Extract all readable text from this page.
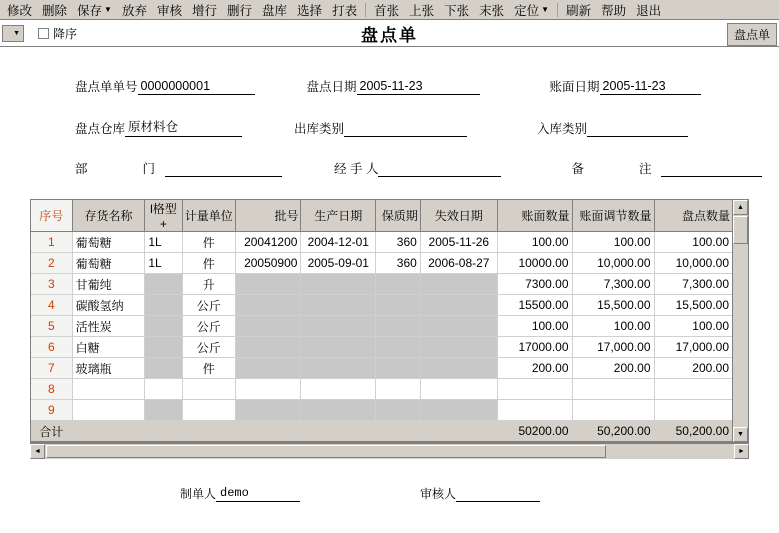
修改 删除 保存 ▼ 放弃 审核 增行 删行 盘库 选择 打表 首张 上张 下张 末张 定位 ▼ 刷新 帮助 退出
▼	降序	盘点单	盘点单
盘点单单号 0000000001	盘点日期 2005-11-23	账面日期 2005-11-23
盘点仓库 原材料仓	出库类别	入库类别
部　　门	经 手 人	备　　注
序号	存货名称	l格型+	计量单位	批号	生产日期	保质期	失效日期	账面数量	账面调节数量	盘点数量
1	葡萄糖	1L	件	20041200	2004-12-01	360	2005-11-26	100.00	100.00	100.00
2	葡萄糖	1L	件	20050900	2005-09-01	360	2006-08-27	10000.00	10,000.00	10,000.00
3	甘葡纯		升					7300.00	7,300.00	7,300.00
4	碳酸氢纳		公斤					15500.00	15,500.00	15,500.00
5	活性炭		公斤					100.00	100.00	100.00
6	白糖		公斤					17000.00	17,000.00	17,000.00
7	玻璃瓶		件					200.00	200.00	200.00
8										
9										
合计								50200.00	50,200.00	50,200.00
▲
▼
◄	►
制单人 demo	审核人
